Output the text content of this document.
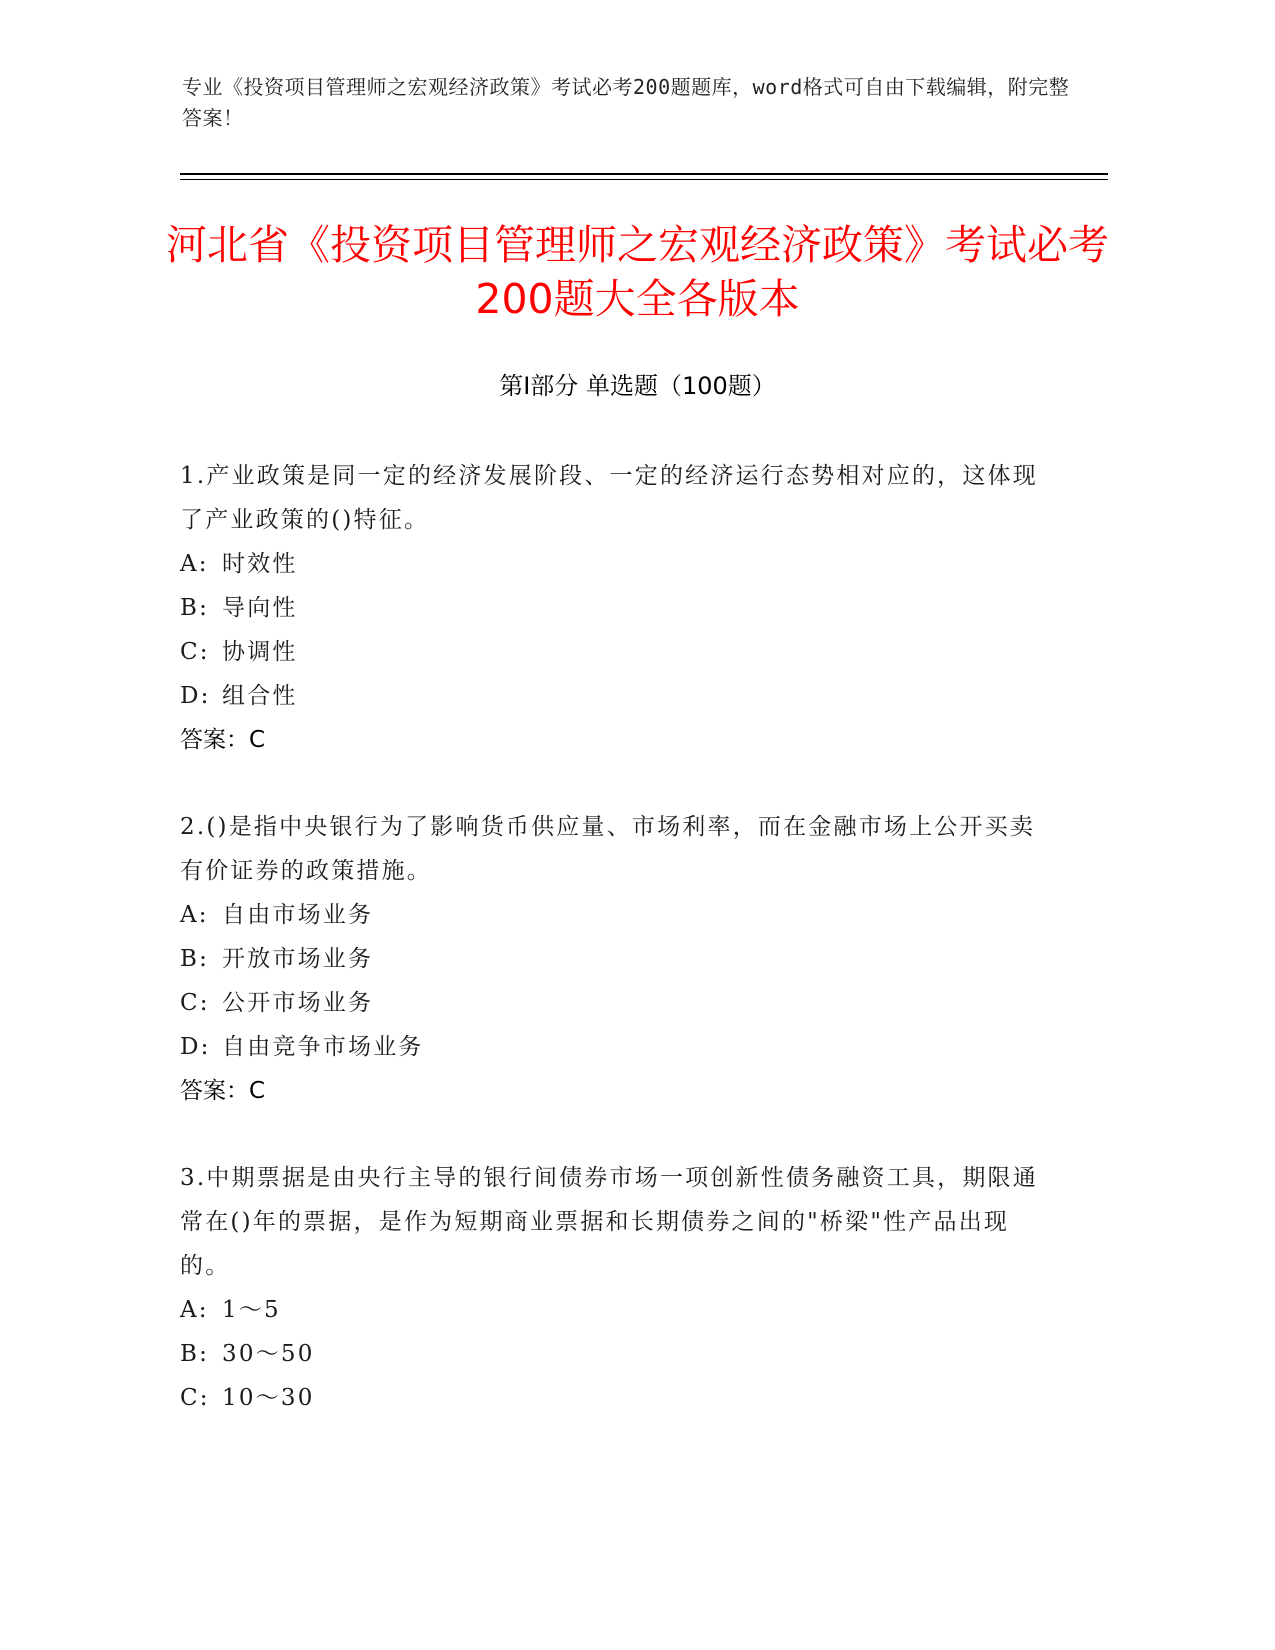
专业《投资项目管理师之宏观经济政策》考试必考200题题库，word格式可自由下载编辑，附完整答案！
河北省《投资项目管理师之宏观经济政策》考试必考200题大全各版本
第I部分 单选题（100题）
1.产业政策是同一定的经济发展阶段、一定的经济运行态势相对应的，这体现了产业政策的()特征。
A: 时效性
B: 导向性
C: 协调性
D: 组合性
答案：C
2.()是指中央银行为了影响货币供应量、市场利率，而在金融市场上公开买卖有价证券的政策措施。
A: 自由市场业务
B: 开放市场业务
C: 公开市场业务
D: 自由竞争市场业务
答案：C
3.中期票据是由央行主导的银行间债券市场一项创新性债务融资工具，期限通常在()年的票据，是作为短期商业票据和长期债券之间的"桥梁"性产品出现的。
A: 1～5
B: 30～50
C: 10～30
